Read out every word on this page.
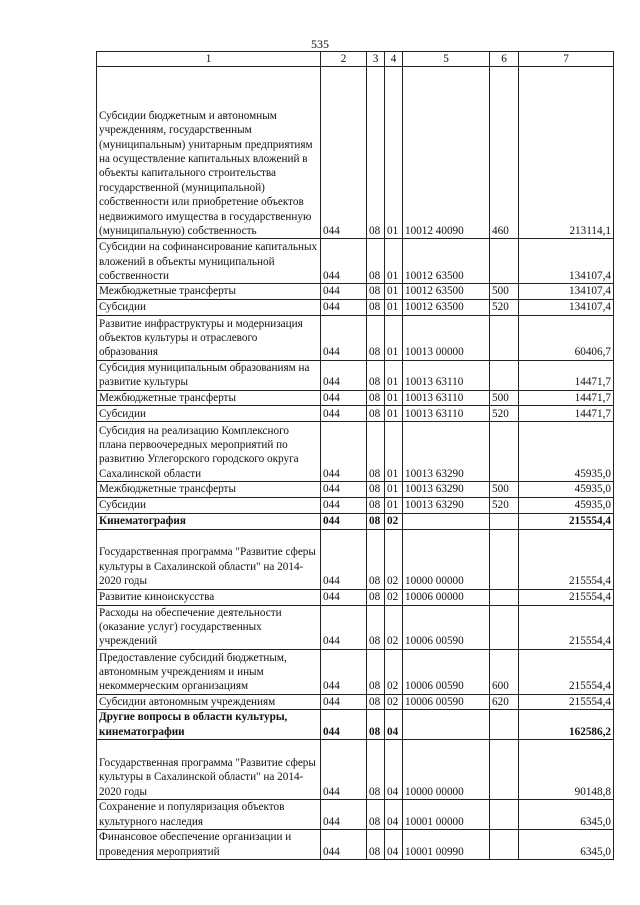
535
1	2	3	4	5	6	7
Субсидии бюджетным и автономным учреждениям, государственным (муниципальным) унитарным предприятиям на осуществление капитальных вложений в объекты капитального строительства государственной (муниципальной) собственности или приобретение объектов недвижимого имущества в государственную (муниципальную) собственность	044	08	01	10012 40090	460	213114,1
Субсидии на софинансирование капитальных вложений в объекты муниципальной собственности	044	08	01	10012 63500		134107,4
Межбюджетные трансферты	044	08	01	10012 63500	500	134107,4
Субсидии	044	08	01	10012 63500	520	134107,4
Развитие инфраструктуры и модернизация объектов культуры и отраслевого образования	044	08	01	10013 00000		60406,7
Субсидия муниципальным образованиям на развитие культуры	044	08	01	10013 63110		14471,7
Межбюджетные трансферты	044	08	01	10013 63110	500	14471,7
Субсидии	044	08	01	10013 63110	520	14471,7
Субсидия на реализацию Комплексного плана первоочередных мероприятий по развитию Углегорского городского округа Сахалинской области	044	08	01	10013 63290		45935,0
Межбюджетные трансферты	044	08	01	10013 63290	500	45935,0
Субсидии	044	08	01	10013 63290	520	45935,0
Кинематография	044	08	02			215554,4
Государственная программа "Развитие сферы культуры в Сахалинской области" на 2014-2020 годы	044	08	02	10000 00000		215554,4
Развитие киноискусства	044	08	02	10006 00000		215554,4
Расходы на обеспечение деятельности (оказание услуг) государственных учреждений	044	08	02	10006 00590		215554,4
Предоставление субсидий бюджетным, автономным учреждениям и иным некоммерческим организациям	044	08	02	10006 00590	600	215554,4
Субсидии автономным учреждениям	044	08	02	10006 00590	620	215554,4
Другие вопросы в области культуры, кинематографии	044	08	04			162586,2
Государственная программа "Развитие сферы культуры в Сахалинской области" на 2014-2020 годы	044	08	04	10000 00000		90148,8
Сохранение и популяризация объектов культурного наследия	044	08	04	10001 00000		6345,0
Финансовое обеспечение организации и проведения мероприятий	044	08	04	10001 00990		6345,0
